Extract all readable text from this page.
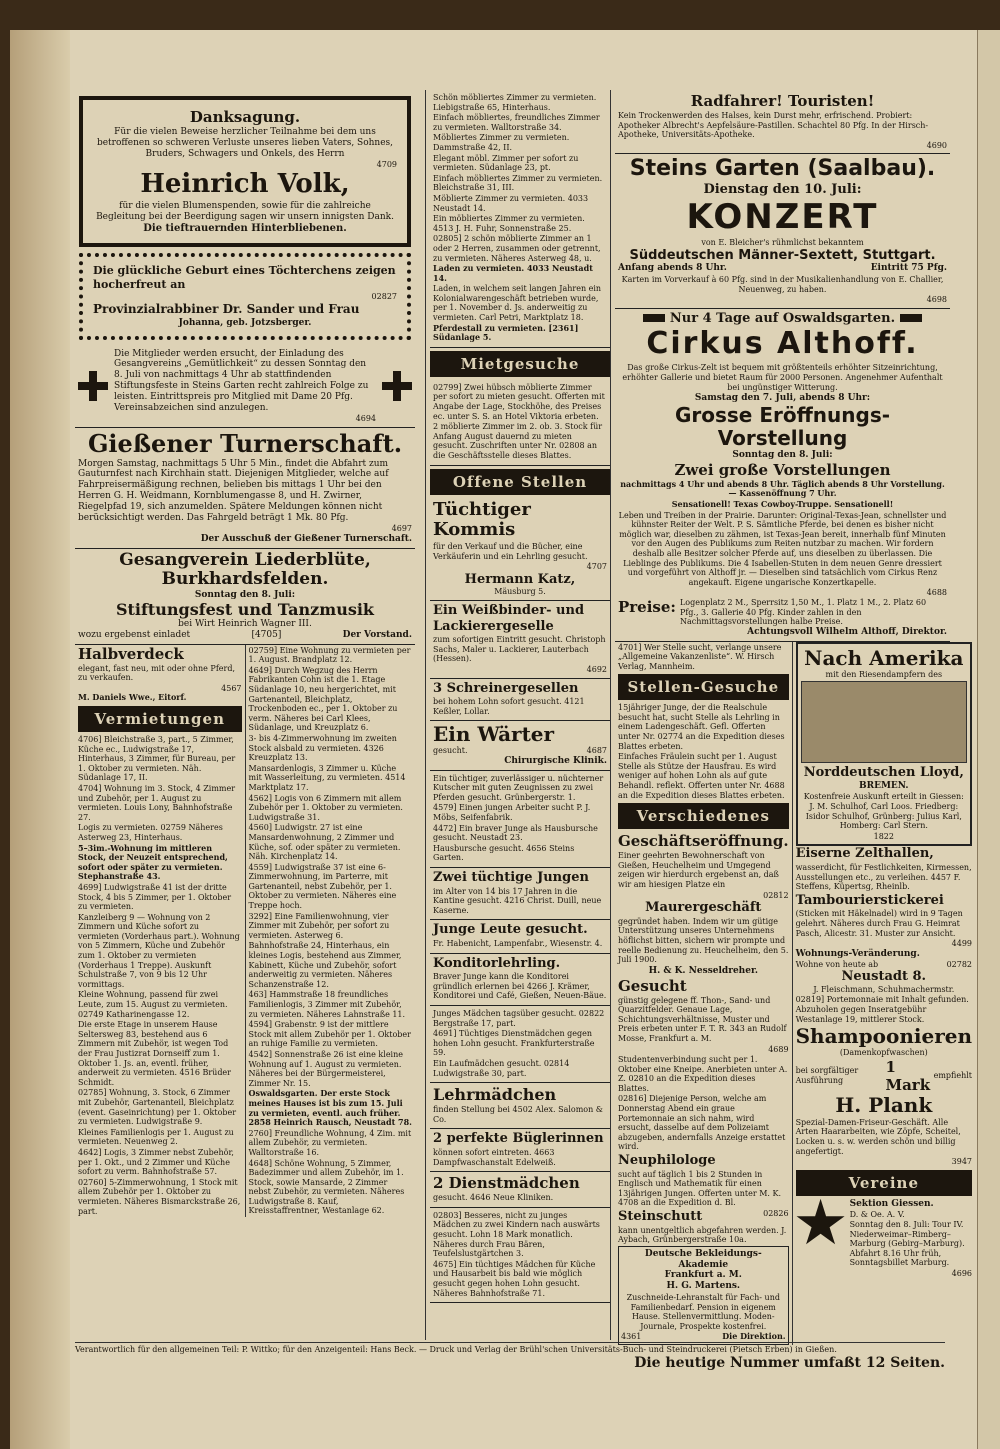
Danksagung.

Für die vielen Beweise herzlicher Teilnahme bei dem uns betroffenen so schweren Verluste unseres lieben Vaters, Sohnes, Bruders, Schwagers und Onkels, des Herrn

4709
Heinrich Volk,

für die vielen Blumenspenden, sowie für die zahlreiche Begleitung bei der Beerdigung sagen wir unsern innigsten Dank.

Die tieftrauernden Hinterbliebenen.

Die glückliche Geburt eines Töchterchens zeigen hocherfreut an

02827

Provinzialrabbiner Dr. Sander und Frau

Johanna, geb. Jotzsberger.

Die Mitglieder werden ersucht, der Einladung des Gesangvereins „Gemütlichkeit“ zu dessen Sonntag den 8. Juli von nachmittags 4 Uhr ab stattfindenden Stiftungsfeste in Steins Garten recht zahlreich Folge zu leisten. Eintrittspreis pro Mitglied mit Dame 20 Pfg. Vereinsabzeichen sind anzulegen.

4694
Gießener Turnerschaft.

Morgen Samstag, nachmittags 5 Uhr 5 Min., findet die Abfahrt zum Gauturnfest nach Kirchhain statt. Diejenigen Mitglieder, welche auf Fahrpreisermäßigung rechnen, belieben bis mittags 1 Uhr bei den Herren G. H. Weidmann, Kornblumengasse 8, und H. Zwirner, Riegelpfad 19, sich anzumelden. Spätere Meldungen können nicht berücksichtigt werden. Das Fahrgeld beträgt 1 Mk. 80 Pfg.

4697
Der Ausschuß der Gießener Turnerschaft.
Gesangverein Liederblüte, Burkhardsfelden.
Sonntag den 8. Juli:
Stiftungsfest und Tanzmusik
bei Wirt Heinrich Wagner III.
wozu ergebenst einladet	[4705]	Der Vorstand.
Halbverdeck

elegant, fast neu, mit oder ohne Pferd, zu verkaufen.

4567
M. Daniels Wwe., Eitorf.
Vermietungen

4706] Bleichstraße 3, part., 5 Zimmer, Küche ec., Ludwigstraße 17, Hinterhaus, 3 Zimmer, für Bureau, per 1. Oktober zu vermieten. Näh. Südanlage 17, II.

4704] Wohnung im 3. Stock, 4 Zimmer und Zubehör, per 1. August zu vermieten. Louis Lony, Bahnhofstraße 27.

Logis zu vermieten. 02759 Näheres Asterweg 23, Hinterhaus.

5–3im.-Wohnung im mittleren Stock, der Neuzeit entsprechend, sofort oder später zu vermieten. Stephanstraße 43.

4699] Ludwigstraße 41 ist der dritte Stock, 4 bis 5 Zimmer, per 1. Oktober zu vermieten.

Kanzleiberg 9 — Wohnung von 2 Zimmern und Küche sofort zu vermieten (Vorderhaus part.). Wohnung von 5 Zimmern, Küche und Zubehör zum 1. Oktober zu vermieten (Vorderhaus 1 Treppe). Auskunft Schulstraße 7, von 9 bis 12 Uhr vormittags.

Kleine Wohnung, passend für zwei Leute, zum 15. August zu vermieten. 02749 Katharinengasse 12.

Die erste Etage in unserem Hause Seltersweg 83, bestehend aus 6 Zimmern mit Zubehör, ist wegen Tod der Frau Justizrat Dornseiff zum 1. Oktober 1. Js. an, eventl. früher, anderweit zu vermieten. 4516 Brüder Schmidt.

02785] Wohnung, 3. Stock, 6 Zimmer mit Zubehör, Gartenanteil, Bleichplatz (event. Gaseinrichtung) per 1. Oktober zu vermieten. Ludwigstraße 9.

Kleines Familienlogis per 1. August zu vermieten. Neuenweg 2.

4642] Logis, 3 Zimmer nebst Zubehör, per 1. Okt., und 2 Zimmer und Küche sofort zu verm. Bahnhofstraße 57.

02760] 5-Zimmerwohnung, 1 Stock mit allem Zubehör per 1. Oktober zu vermieten. Näheres Bismarckstraße 26, part.

02759] Eine Wohnung zu vermieten per 1. August. Brandplatz 12.

4649] Durch Wegzug des Herrn Fabrikanten Cohn ist die 1. Etage Südanlage 10, neu hergerichtet, mit Gartenanteil, Bleichplatz, Trockenboden ec., per 1. Oktober zu verm. Näheres bei Carl Klees, Südanlage, und Kreuzplatz 6.

3- bis 4-Zimmerwohnung im zweiten Stock alsbald zu vermieten. 4326 Kreuzplatz 13.

Mansardenlogis, 3 Zimmer u. Küche mit Wasserleitung, zu vermieten. 4514 Marktplatz 17.

4562] Logis von 6 Zimmern mit allem Zubehör per 1. Oktober zu vermieten. Ludwigstraße 31.

4560] Ludwigstr. 27 ist eine Mansardenwohnung, 2 Zimmer und Küche, sof. oder später zu vermieten. Näh. Kirchenplatz 14.

4559] Ludwigstraße 37 ist eine 6-Zimmerwohnung, im Parterre, mit Gartenanteil, nebst Zubehör, per 1. Oktober zu vermieten. Näheres eine Treppe hoch.

3292] Eine Familienwohnung, vier Zimmer mit Zubehör, per sofort zu vermieten. Asterweg 6.

Bahnhofstraße 24, Hinterhaus, ein kleines Logis, bestehend aus Zimmer, Kabinett, Küche und Zubehör, sofort anderweitig zu vermieten. Näheres Schanzenstraße 12.

463] Hammstraße 18 freundliches Familienlogis, 3 Zimmer mit Zubehör, zu vermieten. Näheres Lahnstraße 11.

4594] Grabenstr. 9 ist der mittlere Stock mit allem Zubehör per 1. Oktober an ruhige Familie zu vermieten.

4542] Sonnenstraße 26 ist eine kleine Wohnung auf 1. August zu vermieten. Näheres bei der Bürgermeisterei, Zimmer Nr. 15.

Oswaldsgarten. Der erste Stock meines Hauses ist bis zum 15. Juli zu vermieten, eventl. auch früher. 2858 Heinrich Rausch, Neustadt 78.

2760] Freundliche Wohnung, 4 Zim. mit allem Zubehör, zu vermieten. Walltorstraße 16.

4648] Schöne Wohnung, 5 Zimmer, Badezimmer und allem Zubehör, im 1. Stock, sowie Mansarde, 2 Zimmer nebst Zubehör, zu vermieten. Näheres Ludwigstraße 8. Kauf, Kreisstaffrentner, Westanlage 62.

Schön möbliertes Zimmer zu vermieten. Liebigstraße 65, Hinterhaus.

Einfach möbliertes, freundliches Zimmer zu vermieten. Walltorstraße 34.

Möbliertes Zimmer zu vermieten. Dammstraße 42, II.

Elegant möbl. Zimmer per sofort zu vermieten. Südanlage 23, pt.

Einfach möbliertes Zimmer zu vermieten. Bleichstraße 31, III.

Möblierte Zimmer zu vermieten. 4033 Neustadt 14.

Ein möbliertes Zimmer zu vermieten. 4513 J. H. Fuhr, Sonnenstraße 25.

02805] 2 schön möblierte Zimmer an 1 oder 2 Herren, zusammen oder getrennt, zu vermieten. Näheres Asterweg 48, u.

Laden zu vermieten. 4033 Neustadt 14.

Laden, in welchem seit langen Jahren ein Kolonialwarengeschäft betrieben wurde, per 1. November d. Js. anderweitig zu vermieten. Carl Petri, Marktplatz 18.

Pferdestall zu vermieten. [2361] Südanlage 5.

Mietgesuche

02799] Zwei hübsch möblierte Zimmer per sofort zu mieten gesucht. Offerten mit Angabe der Lage, Stockhöhe, des Preises ec. unter S. S. an Hotel Viktoria erbeten.

2 möblierte Zimmer im 2. ob. 3. Stock für Anfang August dauernd zu mieten gesucht. Zuschriften unter Nr. 02808 an die Geschäftsstelle dieses Blattes.

Offene Stellen
Tüchtiger Kommis

für den Verkauf und die Bücher, eine Verkäuferin und ein Lehrling gesucht.

4707
Hermann Katz,
Mäusburg 5.
Ein Weißbinder- und Lackierergeselle

zum sofortigen Eintritt gesucht. Christoph Sachs, Maler u. Lackierer, Lauterbach (Hessen).

4692
3 Schreinergesellen

bei hohem Lohn sofort gesucht. 4121 Keßler, Lollar.

Ein Wärter
gesucht.	4687
Chirurgische Klinik.

Ein tüchtiger, zuverlässiger u. nüchterner Kutscher mit guten Zeugnissen zu zwei Pferden gesucht. Grünbergerstr. 1.

4579] Einen jungen Arbeiter sucht P. J. Möbs, Seifenfabrik.

4472] Ein braver Junge als Hausbursche gesucht. Neustadt 23.

Hausbursche gesucht. 4656 Steins Garten.

Zwei tüchtige Jungen

im Alter von 14 bis 17 Jahren in die Kantine gesucht. 4216 Christ. Duill, neue Kaserne.

Junge Leute gesucht.

Fr. Habenicht, Lampenfabr., Wiesenstr. 4.

Konditorlehrling.

Braver Junge kann die Konditorei gründlich erlernen bei 4266 J. Krämer, Konditorei und Café, Gießen, Neuen-Bäue.

Junges Mädchen tagsüber gesucht. 02822 Bergstraße 17, part.

4691] Tüchtiges Dienstmädchen gegen hohen Lohn gesucht. Frankfurterstraße 59.

Ein Laufmädchen gesucht. 02814 Ludwigstraße 30, part.

Lehrmädchen

finden Stellung bei 4502 Alex. Salomon & Co.

2 perfekte Büglerinnen

können sofort eintreten. 4663 Dampfwaschanstalt Edelweiß.

2 Dienstmädchen

gesucht. 4646 Neue Kliniken.

02803] Besseres, nicht zu junges Mädchen zu zwei Kindern nach auswärts gesucht. Lohn 18 Mark monatlich. Näheres durch Frau Bären, Teufelslustgärtchen 3.

4675] Ein tüchtiges Mädchen für Küche und Hausarbeit bis bald wie möglich gesucht gegen hohen Lohn gesucht. Näheres Bahnhofstraße 71.

Radfahrer! Touristen!

Kein Trockenwerden des Halses, kein Durst mehr, erfrischend. Probiert: Apotheker Albrecht's Aepfelsäure-Pastillen. Schachtel 80 Pfg. In der Hirsch-Apotheke, Universitäts-Apotheke.

4690
Steins Garten (Saalbau).
Dienstag den 10. Juli:
KONZERT
von E. Bleicher's rühmlichst bekanntem
Süddeutschen Männer-Sextett, Stuttgart.
Anfang abends 8 Uhr.	Eintritt 75 Pfg.

Karten im Vorverkauf à 60 Pfg. sind in der Musikalienhandlung von E. Challier, Neuenweg, zu haben.

4698
Nur 4 Tage auf Oswaldsgarten.
Cirkus Althoff.

Das große Cirkus-Zelt ist bequem mit größtenteils erhöhter Sitzeinrichtung, erhöhter Gallerie und bietet Raum für 2000 Personen. Angenehmer Aufenthalt bei ungünstiger Witterung.

Samstag den 7. Juli, abends 8 Uhr:
Grosse Eröffnungs-Vorstellung
Sonntag den 8. Juli:
Zwei große Vorstellungen

nachmittags 4 Uhr und abends 8 Uhr. Täglich abends 8 Uhr Vorstellung. — Kassenöffnung 7 Uhr.

Sensationell! Texas Cowboy-Truppe. Sensationell!

Leben und Treiben in der Prairie. Darunter: Original-Texas-Jean, schnellster und kühnster Reiter der Welt. P. S. Sämtliche Pferde, bei denen es bisher nicht möglich war, dieselben zu zähmen, ist Texas-Jean bereit, innerhalb fünf Minuten vor den Augen des Publikums zum Reiten nutzbar zu machen. Wir fordern deshalb alle Besitzer solcher Pferde auf, uns dieselben zu überlassen. Die Lieblinge des Publikums. Die 4 Isabellen-Stuten in dem neuen Genre dressiert und vorgeführt von Althoff jr. — Dieselben sind tatsächlich vom Cirkus Renz angekauft. Eigene ungarische Konzertkapelle.

4688
Preise: Logenplatz 2 M., Sperrsitz 1,50 M., 1. Platz 1 M., 2. Platz 60 Pfg., 3. Gallerie 40 Pfg. Kinder zahlen in den Nachmittagsvorstellungen halbe Preise.
Achtungsvoll Wilhelm Althoff, Direktor.

4701] Wer Stelle sucht, verlange unsere „Allgemeine Vakanzenliste“. W. Hirsch Verlag, Mannheim.

Stellen-Gesuche

15jähriger Junge, der die Realschule besucht hat, sucht Stelle als Lehrling in einem Ladengeschäft. Gefl. Offerten unter Nr. 02774 an die Expedition dieses Blattes erbeten.

Einfaches Fräulein sucht per 1. August Stelle als Stütze der Hausfrau. Es wird weniger auf hohen Lohn als auf gute Behandl. reflekt. Offerten unter Nr. 4688 an die Expedition dieses Blattes erbeten.

Verschiedenes
Geschäftseröffnung.

Einer geehrten Bewohnerschaft von Gießen, Heuchelheim und Umgegend zeigen wir hierdurch ergebenst an, daß wir am hiesigen Platze ein

02812
Maurergeschäft

gegründet haben. Indem wir um gütige Unterstützung unseres Unternehmens höflichst bitten, sichern wir prompte und reelle Bedienung zu. Heuchelheim, den 5. Juli 1900.

H. & K. Nesseldreher.
Gesucht

günstig gelegene ff. Thon-, Sand- und Quarzitfelder. Genaue Lage, Schichtungsverhältnisse, Muster und Preis erbeten unter F. T. R. 343 an Rudolf Mosse, Frankfurt a. M.

4689

Studentenverbindung sucht per 1. Oktober eine Kneipe. Anerbieten unter A. Z. 02810 an die Expedition dieses Blattes.

02816] Diejenige Person, welche am Donnerstag Abend ein graue Portemonnaie an sich nahm, wird ersucht, dasselbe auf dem Polizeiamt abzugeben, andernfalls Anzeige erstattet wird.

Neuphilologe

sucht auf täglich 1 bis 2 Stunden in Englisch und Mathematik für einen 13jährigen Jungen. Offerten unter M. K. 4708 an die Expedition d. Bl.

Steinschutt	02826

kann unentgeltlich abgefahren werden. J. Aybach, Grünbergerstraße 10a.

Deutsche Bekleidungs-Akademie
Frankfurt a. M.
H. G. Martens.

Zuschneide-Lehranstalt für Fach- und Familienbedarf. Pension in eigenem Hause. Stellenvermittlung. Moden-Journale, Prospekte kostenfrei.

4361	Die Direktion.
Nach Amerika
mit den Riesendampfern des
Norddeutschen Lloyd,
BREMEN.

Kostenfreie Auskunft erteilt in Giessen: J. M. Schulhof, Carl Loos. Friedberg: Isidor Schulhof, Grünberg: Julius Karl, Homberg: Carl Stern.

1822
Eiserne Zelthallen,

wasserdicht, für Festlichkeiten, Kirmessen, Ausstellungen etc., zu verleihen. 4457 F. Steffens, Küpertsg, Rheinlb.

Tambourierstickerei

(Sticken mit Häkelnadel) wird in 9 Tagen gelehrt. Näheres durch Frau G. Heimrat Pasch, Alicestr. 31. Muster zur Ansicht.

4499
Wohnungs-Veränderung.
Wohne von heute ab	02782
Neustadt 8.
J. Fleischmann, Schuhmachermstr.

02819] Portemonnaie mit Inhalt gefunden. Abzuholen gegen Inseratgebühr Westanlage 19, mittlerer Stock.

Shampoonieren
(Damenkopfwaschen)
bei sorgfältiger Ausführung
1 Mark
empfiehlt
H. Plank

Spezial-Damen-Friseur-Geschäft. Alle Arten Haararbeiten, wie Zöpfe, Scheitel, Locken u. s. w. werden schön und billig angefertigt.

3947
Vereine
Sektion Giessen.
D. & Oe. A. V.

Sonntag den 8. Juli: Tour IV. Niederweimar–Rimberg–Marburg (Gebirg–Marburg). Abfahrt 8.16 Uhr früh, Sonntagsbillet Marburg.

4696
Verantwortlich für den allgemeinen Teil: P. Wittko; für den Anzeigenteil: Hans Beck. — Druck und Verlag der Brühl'schen Universitäts-Buch- und Steindruckerei (Pietsch Erben) in Gießen.
Die heutige Nummer umfaßt 12 Seiten.
